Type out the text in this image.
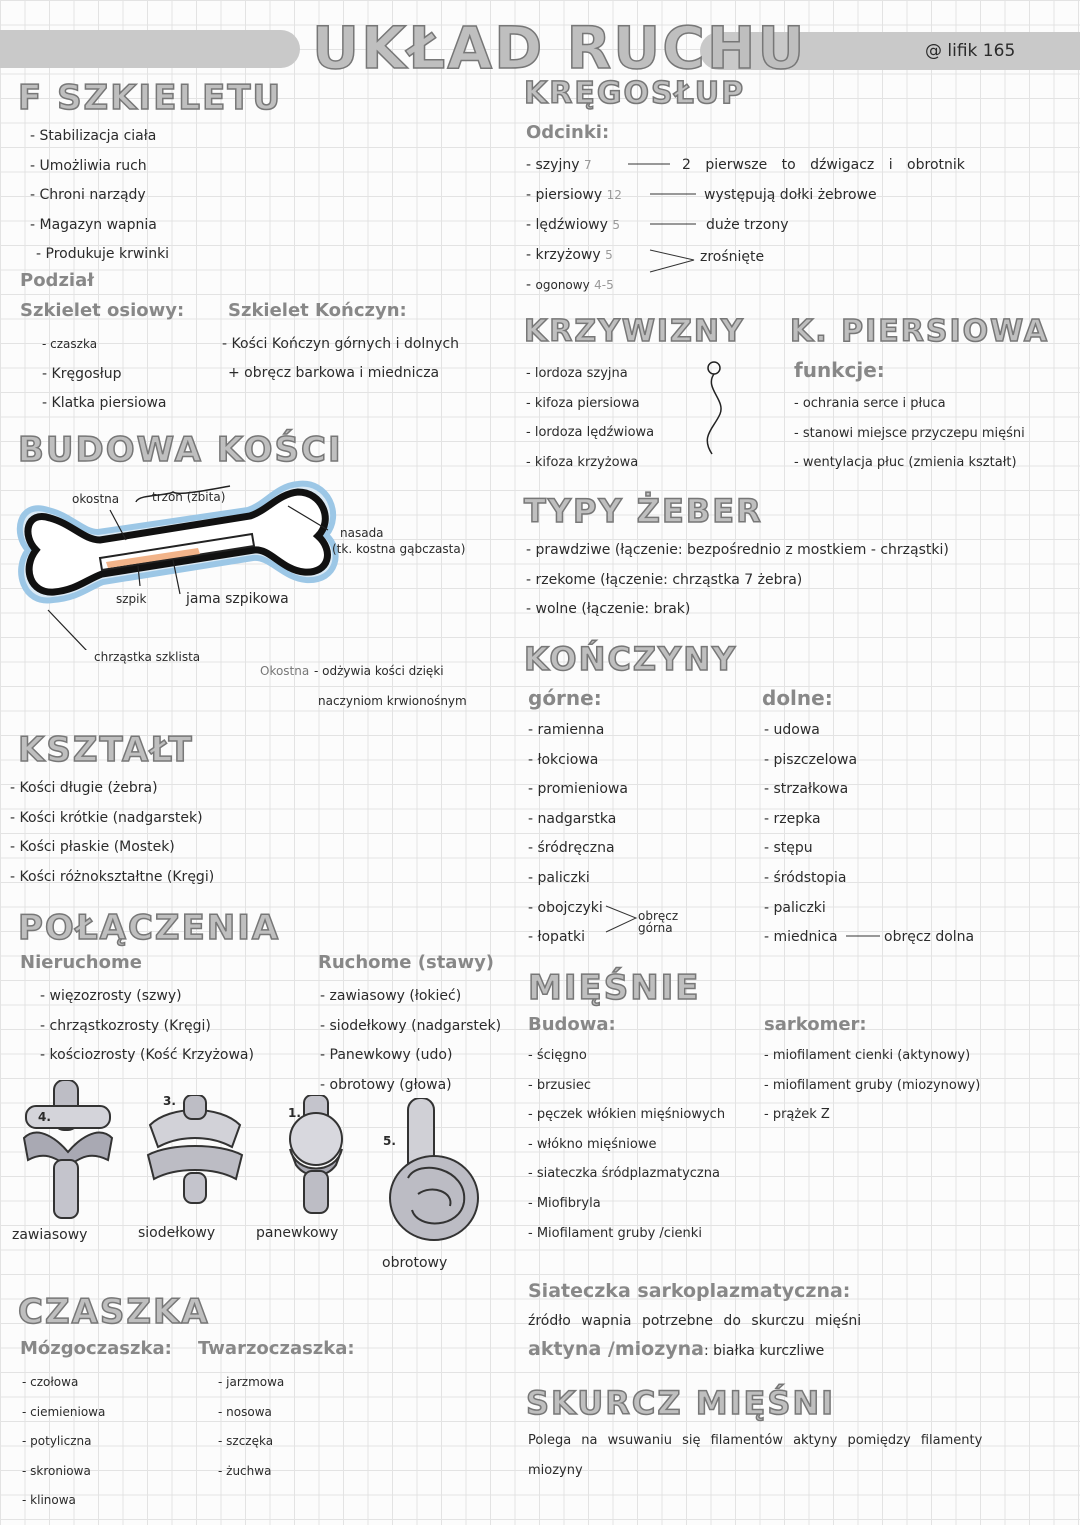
UKŁAD RUCHU	@ lifik 165
F SZKIELETU
- Stabilizacja ciała
- Umożliwia ruch
- Chroni narządy
- Magazyn wapnia
- Produkuje krwinki
Podział
Szkielet osiowy:
- czaszka
- Kręgosłup
- Klatka piersiowa
Szkielet Kończyn:
- Kości Kończyn górnych i dolnych
+ obręcz barkowa i miednicza
BUDOWA KOŚCI
okostna	trzon (źbita)
nasada
(tk. kostna gąbczasta)
szpik	jama szpikowa
chrząstka szklista
Okostna - odżywia kości dzięki
naczyniom krwionośnym
KSZTAŁT
- Kości długie (żebra)
- Kości krótkie (nadgarstek)
- Kości płaskie (Mostek)
- Kości różnokształtne (Kręgi)
POŁĄCZENIA
Nieruchome
- więzozrosty (szwy)
- chrząstkozrosty (Kręgi)
- kościozrosty (Kość Krzyżowa)
Ruchome (stawy)
- zawiasowy (łokieć)
- siodełkowy (nadgarstek)
- Panewkowy (udo)
- obrotowy (głowa)
4.
3.
1.
5.
zawiasowy	siodełkowy	panewkowy
obrotowy
CZASZKA
Mózgoczaszka:
- czołowa
- ciemieniowa
- potyliczna
- skroniowa
- klinowa
Twarzoczaszka:
- jarzmowa
- nosowa
- szczęka
- żuchwa
KRĘGOSŁUP
Odcinki:
- szyjny 7
- piersiowy 12
- lędźwiowy 5
- krzyżowy 5
- ogonowy 4-5
2 pierwsze to dźwigacz i obrotnik
występują dołki żebrowe
duże trzony
zrośnięte
KRZYWIZNY
- lordoza szyjna
- kifoza piersiowa
- lordoza lędźwiowa
- kifoza krzyżowa
K. PIERSIOWA
funkcje:
- ochrania serce i płuca
- stanowi miejsce przyczepu mięśni
- wentylacja płuc (zmienia kształt)
TYPY ŻEBER
- prawdziwe (łączenie: bezpośrednio z mostkiem - chrząstki)
- rzekome (łączenie: chrząstka 7 żebra)
- wolne (łączenie: brak)
KOŃCZYNY
górne:
- ramienna
- łokciowa
- promieniowa
- nadgarstka
- śródręczna
- paliczki
- obojczyki
- łopatki
obręcz górna
dolne:
- udowa
- piszczelowa
- strzałkowa
- rzepka
- stępu
- śródstopia
- paliczki
- miednica	obręcz dolna
MIĘŚNIE
Budowa:
- ścięgno
- brzusiec
- pęczek włókien mięśniowych
- włókno mięśniowe
- siateczka śródplazmatyczna
- Miofibryla
- Miofilament gruby /cienki
sarkomer:
- miofilament cienki (aktynowy)
- miofilament gruby (miozynowy)
- prążek Z
Siateczka sarkoplazmatyczna:
źródło wapnia potrzebne do skurczu mięśni
aktyna /miozyna: białka kurczliwe
SKURCZ MIĘŚNI
Polega na wsuwaniu się filamentów aktyny pomiędzy filamenty
miozyny
